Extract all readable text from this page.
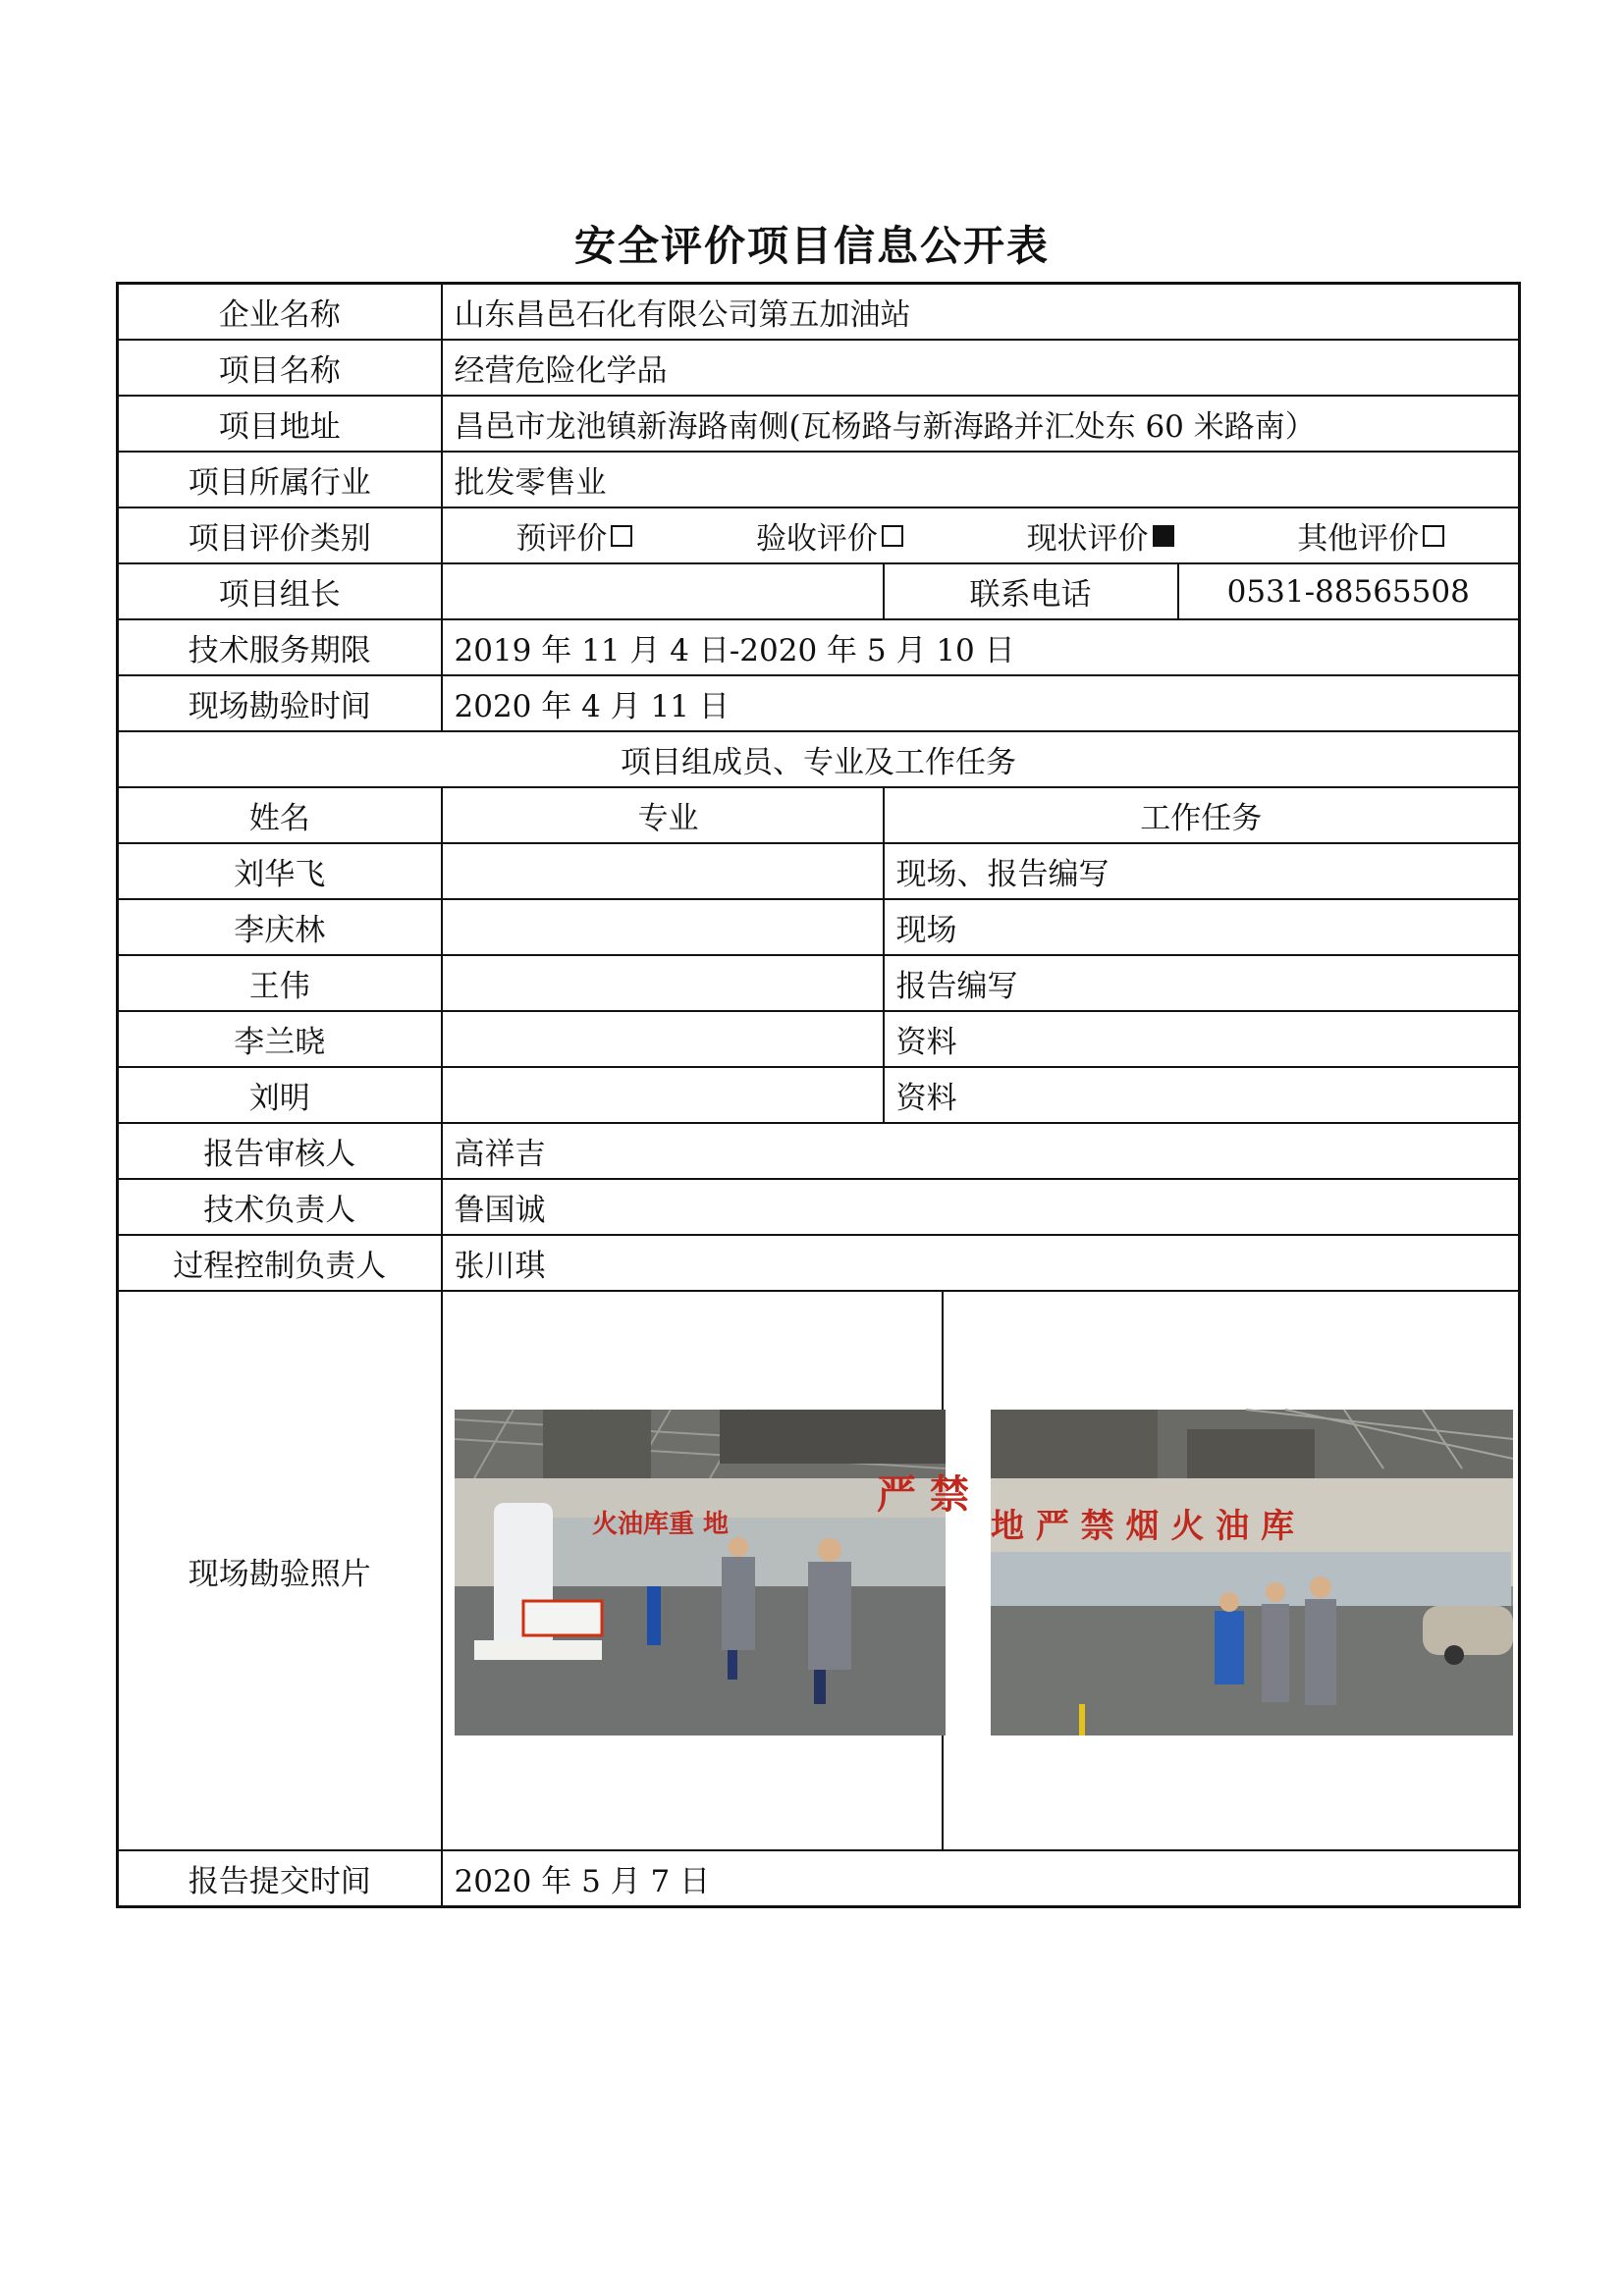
安全评价项目信息公开表
企业名称	山东昌邑石化有限公司第五加油站			
项目名称	经营危险化学品			
项目地址	昌邑市龙池镇新海路南侧(瓦杨路与新海路并汇处东 60 米路南）			
项目所属行业	批发零售业			
项目评价类别	预评价 验收评价 现状评价 其他评价			

项目组长		联系电话		0531-88565508
技术服务期限	2019 年 11 月 4 日-2020 年 5 月 10 日			
现场勘验时间	2020 年 4 月 11 日			
项目组成员、专业及工作任务				
姓名	专业	工作任务		
刘华飞		现场、报告编写		
李庆林		现场		
王伟		报告编写		
李兰晓		资料		
刘明		资料		
报告审核人	高祥吉			
技术负责人	鲁国诚			
过程控制负责人	张川琪			
现场勘验照片	严 禁
火油库重 地		地 严 禁 烟 火 油 库	

报告提交时间	2020 年 5 月 7 日			
